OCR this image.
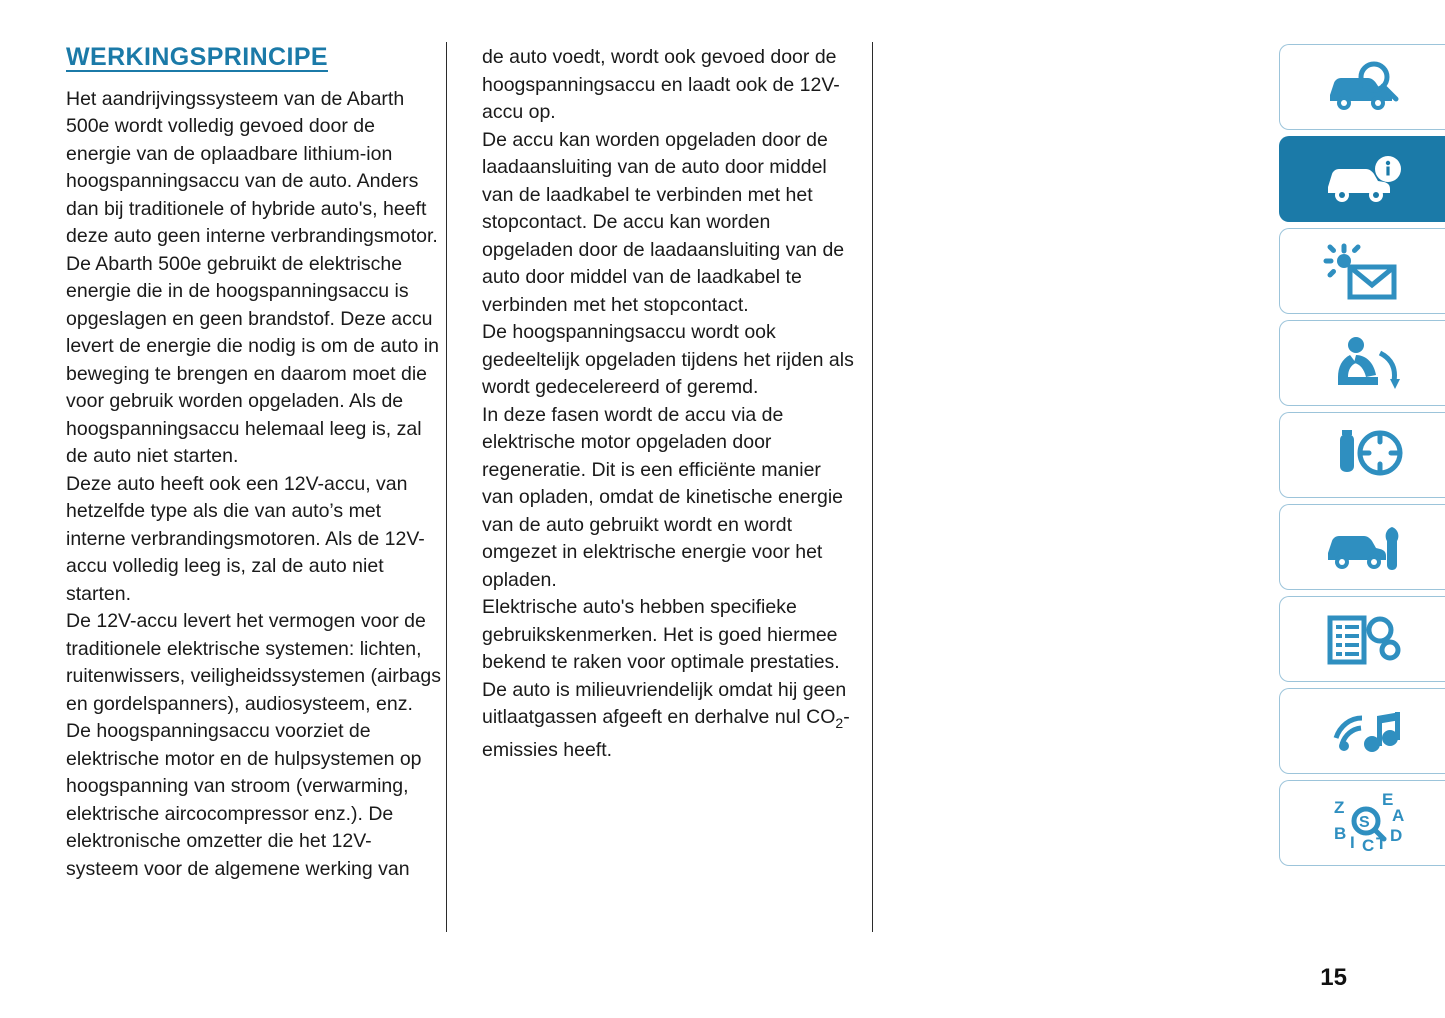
WERKINGSPRINCIPE

Het aandrijvingssysteem van de Abarth 500e wordt volledig gevoed door de energie van de oplaadbare lithium-ion hoogspanningsaccu van de auto. Anders dan bij traditionele of hybride auto's, heeft deze auto geen interne verbrandingsmotor.

De Abarth 500e gebruikt de elektrische energie die in de hoogspanningsaccu is opgeslagen en geen brandstof. Deze accu levert de energie die nodig is om de auto in beweging te brengen en daarom moet die voor gebruik worden opgeladen. Als de hoogspanningsaccu helemaal leeg is, zal de auto niet starten.

Deze auto heeft ook een 12V-accu, van hetzelfde type als die van auto’s met interne verbrandingsmotoren. Als de 12V-accu volledig leeg is, zal de auto niet starten.

De 12V-accu levert het vermogen voor de traditionele elektrische systemen: lichten, ruitenwissers, veiligheidssystemen (airbags en gordelspanners), audiosysteem, enz.

De hoogspanningsaccu voorziet de elektrische motor en de hulpsystemen op hoogspanning van stroom (verwarming, elektrische aircocompressor enz.). De elektronische omzetter die het 12V-systeem voor de algemene werking van

de auto voedt, wordt ook gevoed door de hoogspanningsaccu en laadt ook de 12V-accu op.

De accu kan worden opgeladen door de laadaansluiting van de auto door middel van de laadkabel te verbinden met het stopcontact. De accu kan worden opgeladen door de laadaansluiting van de auto door middel van de laadkabel te verbinden met het stopcontact.

De hoogspanningsaccu wordt ook gedeeltelijk opgeladen tijdens het rijden als wordt gedecelereerd of geremd.

In deze fasen wordt de accu via de elektrische motor opgeladen door regeneratie. Dit is een efficiënte manier van opladen, omdat de kinetische energie van de auto gebruikt wordt en wordt omgezet in elektrische energie voor het opladen.

Elektrische auto's hebben specifieke gebruikskenmerken. Het is goed hiermee bekend te raken voor optimale prestaties.

De auto is milieuvriendelijk omdat hij geen uitlaatgassen afgeeft en derhalve nul $CO_2$-emissies heeft.

15
Z
B I C T D
A
E
S
